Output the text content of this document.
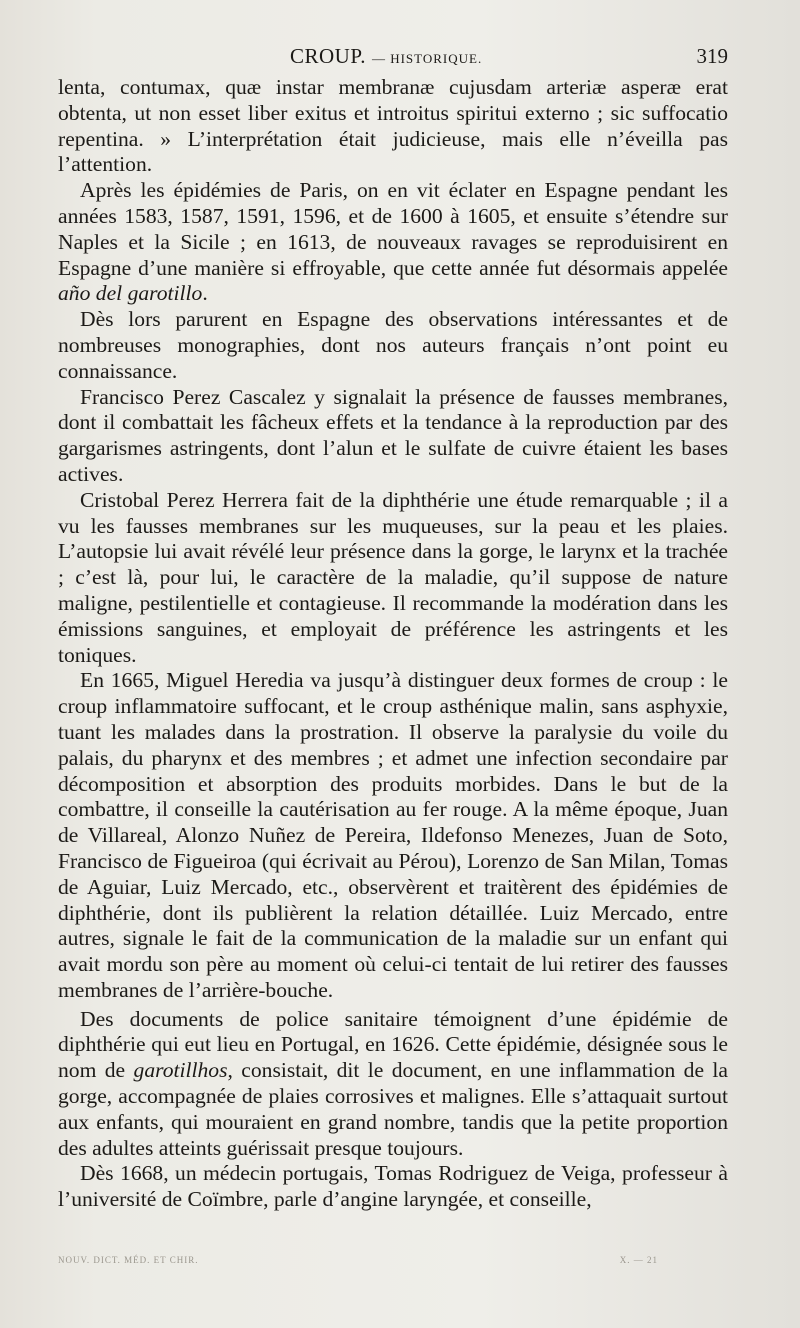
CROUP. — HISTORIQUE.	319

lenta, contumax, quæ instar membranæ cujusdam arteriæ asperæ erat obtenta, ut non esset liber exitus et introitus spiritui externo ; sic suffocatio repentina. » L’interprétation était judicieuse, mais elle n’éveilla pas l’attention.

Après les épidémies de Paris, on en vit éclater en Espagne pendant les années 1583, 1587, 1591, 1596, et de 1600 à 1605, et ensuite s’étendre sur Naples et la Sicile ; en 1613, de nouveaux ravages se reproduisirent en Espagne d’une manière si effroyable, que cette année fut désormais appelée año del garotillo.

Dès lors parurent en Espagne des observations intéressantes et de nombreuses monographies, dont nos auteurs français n’ont point eu connaissance.

Francisco Perez Cascalez y signalait la présence de fausses membranes, dont il combattait les fâcheux effets et la tendance à la reproduction par des gargarismes astringents, dont l’alun et le sulfate de cuivre étaient les bases actives.

Cristobal Perez Herrera fait de la diphthérie une étude remarquable ; il a vu les fausses membranes sur les muqueuses, sur la peau et les plaies. L’autopsie lui avait révélé leur présence dans la gorge, le larynx et la trachée ; c’est là, pour lui, le caractère de la maladie, qu’il suppose de nature maligne, pestilentielle et contagieuse. Il recommande la modération dans les émissions sanguines, et employait de préférence les astringents et les toniques.

En 1665, Miguel Heredia va jusqu’à distinguer deux formes de croup : le croup inflammatoire suffocant, et le croup asthénique malin, sans asphyxie, tuant les malades dans la prostration. Il observe la paralysie du voile du palais, du pharynx et des membres ; et admet une infection secondaire par décomposition et absorption des produits morbides. Dans le but de la combattre, il conseille la cautérisation au fer rouge. A la même époque, Juan de Villareal, Alonzo Nuñez de Pereira, Ildefonso Menezes, Juan de Soto, Francisco de Figueiroa (qui écrivait au Pérou), Lorenzo de San Milan, Tomas de Aguiar, Luiz Mercado, etc., observèrent et traitèrent des épidémies de diphthérie, dont ils publièrent la relation détaillée. Luiz Mercado, entre autres, signale le fait de la communication de la maladie sur un enfant qui avait mordu son père au moment où celui-ci tentait de lui retirer des fausses membranes de l’arrière-bouche.

Des documents de police sanitaire témoignent d’une épidémie de diphthérie qui eut lieu en Portugal, en 1626. Cette épidémie, désignée sous le nom de garotillhos, consistait, dit le document, en une inflammation de la gorge, accompagnée de plaies corrosives et malignes. Elle s’attaquait surtout aux enfants, qui mouraient en grand nombre, tandis que la petite proportion des adultes atteints guérissait presque toujours.

Dès 1668, un médecin portugais, Tomas Rodriguez de Veiga, professeur à l’université de Coïmbre, parle d’angine laryngée, et conseille,

NOUV. DICT. MÉD. ET CHIR.	X. — 21
